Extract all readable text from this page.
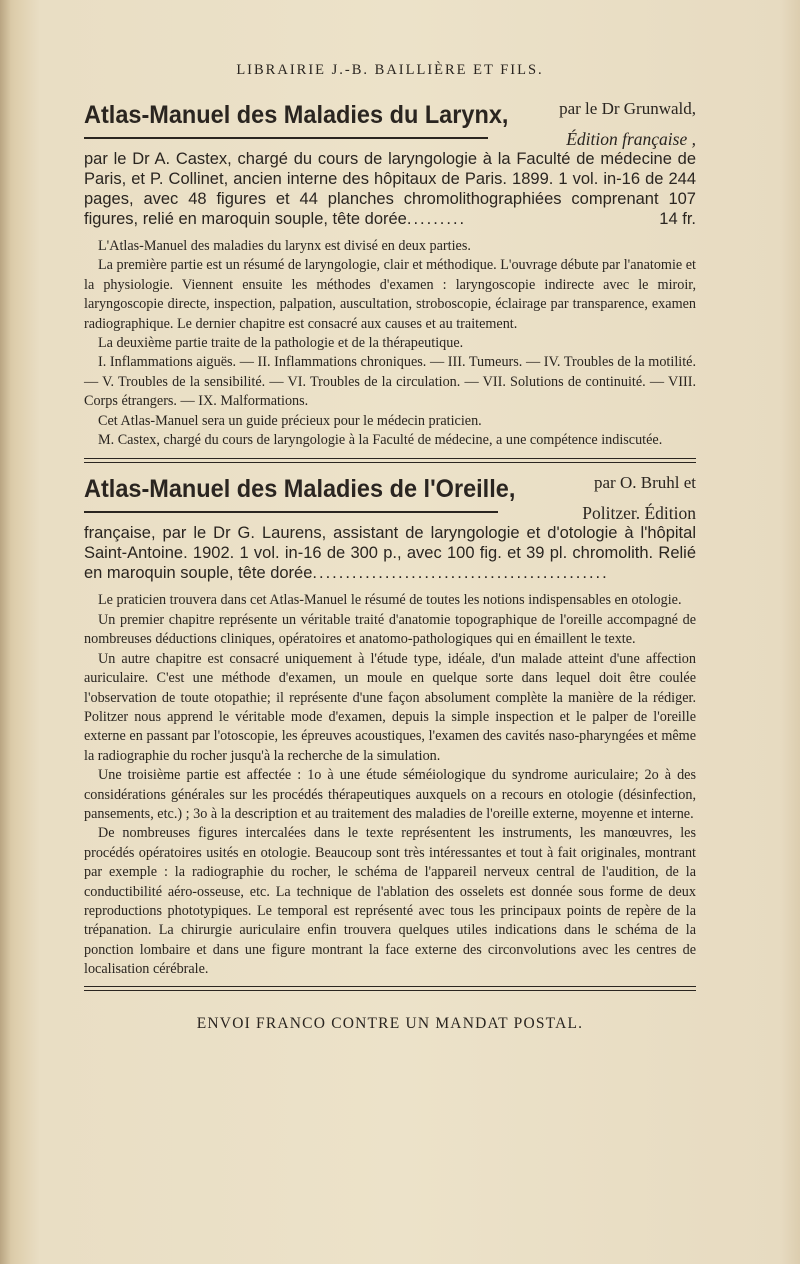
LIBRAIRIE J.-B. BAILLIÈRE ET FILS.
Atlas-Manuel des Maladies du Larynx,	par le Dr Grunwald,
Édition française ,
par le Dr A. Castex, chargé du cours de laryngologie à la Faculté de médecine de Paris, et P. Collinet, ancien interne des hôpitaux de Paris. 1899. 1 vol. in-16 de 244 pages, avec 48 figures et 44 planches chromolithographiées comprenant 107 figures, relié en maroquin souple, tête dorée.........	14 fr.

L'Atlas-Manuel des maladies du larynx est divisé en deux parties.

La première partie est un résumé de laryngologie, clair et méthodique. L'ouvrage débute par l'anatomie et la physiologie. Viennent ensuite les méthodes d'examen : laryngoscopie indirecte avec le miroir, laryngoscopie directe, inspection, palpation, auscultation, stroboscopie, éclairage par transparence, examen radiographique. Le dernier chapitre est consacré aux causes et au traitement.

La deuxième partie traite de la pathologie et de la thérapeutique.

I. Inflammations aiguës. — II. Inflammations chroniques. — III. Tumeurs. — IV. Troubles de la motilité. — V. Troubles de la sensibilité. — VI. Troubles de la circulation. — VII. Solutions de continuité. — VIII. Corps étrangers. — IX. Malformations.

Cet Atlas-Manuel sera un guide précieux pour le médecin praticien.

M. Castex, chargé du cours de laryngologie à la Faculté de médecine, a une compétence indiscutée.

Atlas-Manuel des Maladies de l'Oreille,	par O. Bruhl et
Politzer. Édition
française, par le Dr G. Laurens, assistant de laryngologie et d'otologie à l'hôpital Saint-Antoine. 1902. 1 vol. in-16 de 300 p., avec 100 fig. et 39 pl. chromolith. Relié en maroquin souple, tête dorée.............................................

Le praticien trouvera dans cet Atlas-Manuel le résumé de toutes les notions indispensables en otologie.

Un premier chapitre représente un véritable traité d'anatomie topographique de l'oreille accompagné de nombreuses déductions cliniques, opératoires et anatomo-pathologiques qui en émaillent le texte.

Un autre chapitre est consacré uniquement à l'étude type, idéale, d'un malade atteint d'une affection auriculaire. C'est une méthode d'examen, un moule en quelque sorte dans lequel doit être coulée l'observation de toute otopathie; il représente d'une façon absolument complète la manière de la rédiger. Politzer nous apprend le véritable mode d'examen, depuis la simple inspection et le palper de l'oreille externe en passant par l'otoscopie, les épreuves acoustiques, l'examen des cavités naso-pharyngées et même la radiographie du rocher jusqu'à la recherche de la simulation.

Une troisième partie est affectée : 1o à une étude séméiologique du syndrome auriculaire; 2o à des considérations générales sur les procédés thérapeutiques auxquels on a recours en otologie (désinfection, pansements, etc.) ; 3o à la description et au traitement des maladies de l'oreille externe, moyenne et interne.

De nombreuses figures intercalées dans le texte représentent les instruments, les manœuvres, les procédés opératoires usités en otologie. Beaucoup sont très intéressantes et tout à fait originales, montrant par exemple : la radiographie du rocher, le schéma de l'appareil nerveux central de l'audition, de la conductibilité aéro-osseuse, etc. La technique de l'ablation des osselets est donnée sous forme de deux reproductions phototypiques. Le temporal est représenté avec tous les principaux points de repère de la trépanation. La chirurgie auriculaire enfin trouvera quelques utiles indications dans le schéma de la ponction lombaire et dans une figure montrant la face externe des circonvolutions avec les centres de localisation cérébrale.

ENVOI FRANCO CONTRE UN MANDAT POSTAL.
